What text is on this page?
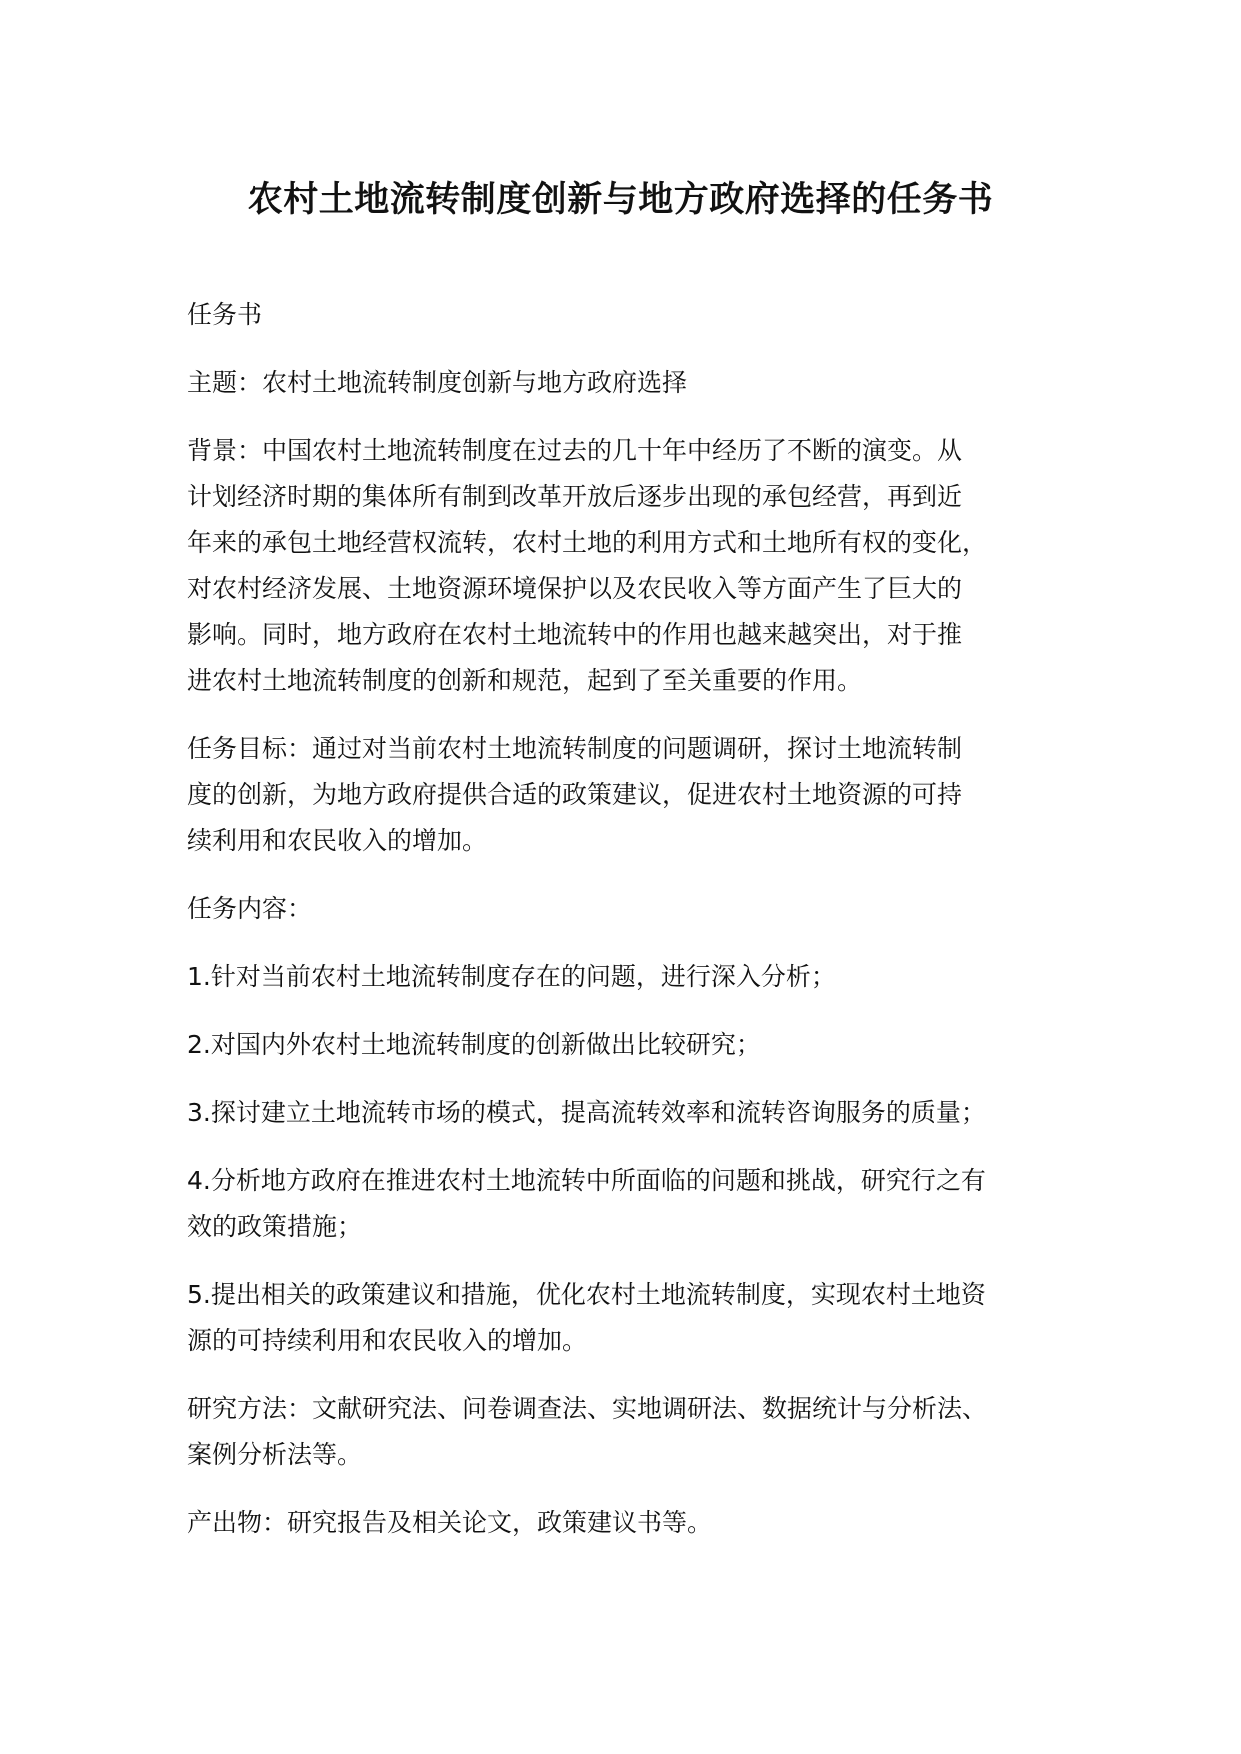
农村土地流转制度创新与地方政府选择的任务书

任务书

主题：农村土地流转制度创新与地方政府选择

背景：中国农村土地流转制度在过去的几十年中经历了不断的演变。从
计划经济时期的集体所有制到改革开放后逐步出现的承包经营，再到近
年来的承包土地经营权流转，农村土地的利用方式和土地所有权的变化，
对农村经济发展、土地资源环境保护以及农民收入等方面产生了巨大的
影响。同时，地方政府在农村土地流转中的作用也越来越突出，对于推
进农村土地流转制度的创新和规范，起到了至关重要的作用。

任务目标：通过对当前农村土地流转制度的问题调研，探讨土地流转制
度的创新，为地方政府提供合适的政策建议，促进农村土地资源的可持
续利用和农民收入的增加。

任务内容：

1.针对当前农村土地流转制度存在的问题，进行深入分析；

2.对国内外农村土地流转制度的创新做出比较研究；

3.探讨建立土地流转市场的模式，提高流转效率和流转咨询服务的质量；

4.分析地方政府在推进农村土地流转中所面临的问题和挑战，研究行之有
效的政策措施；

5.提出相关的政策建议和措施，优化农村土地流转制度，实现农村土地资
源的可持续利用和农民收入的增加。

研究方法：文献研究法、问卷调查法、实地调研法、数据统计与分析法、
案例分析法等。

产出物：研究报告及相关论文，政策建议书等。
